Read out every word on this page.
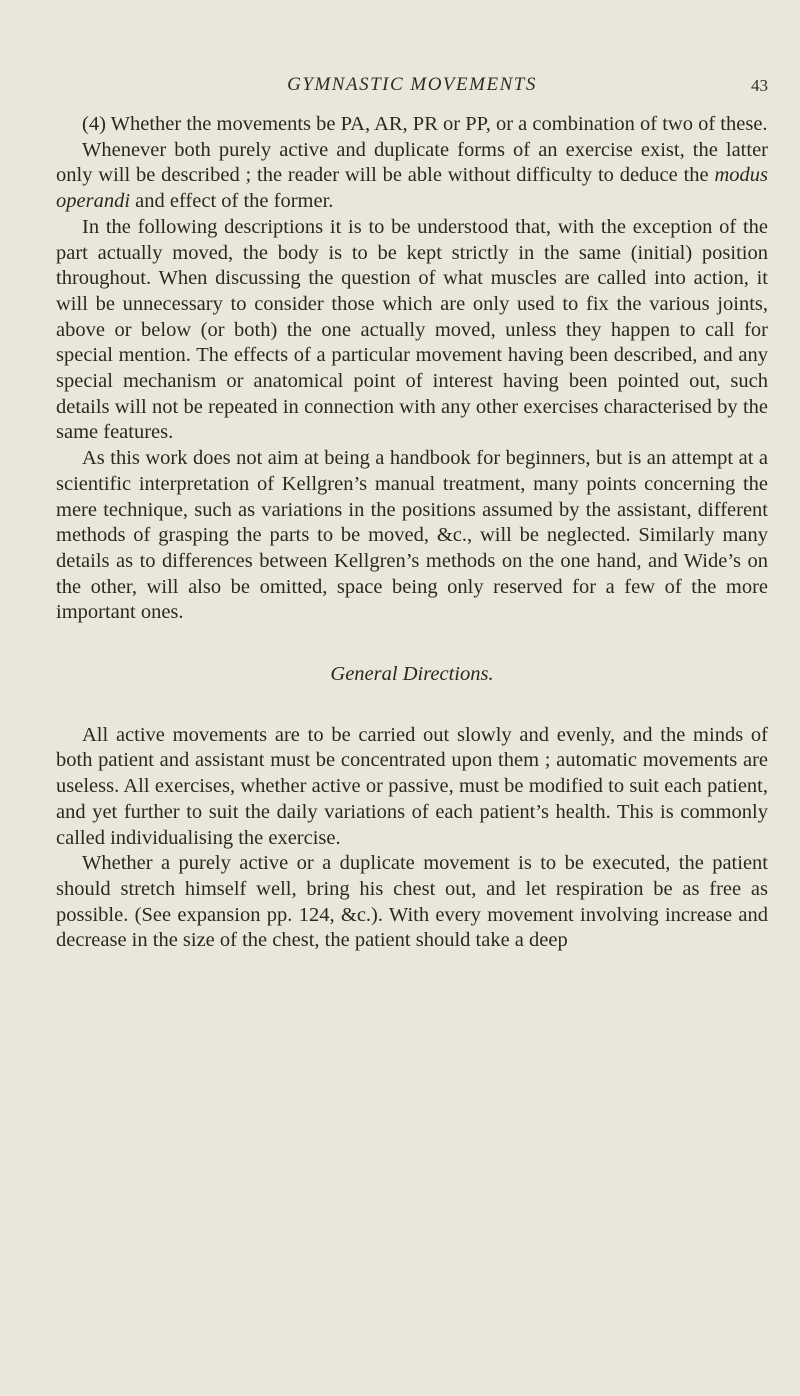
GYMNASTIC MOVEMENTS	43

(4) Whether the movements be PA, AR, PR or PP, or a combination of two of these.

Whenever both purely active and duplicate forms of an exercise exist, the latter only will be described ; the reader will be able without difficulty to deduce the modus operandi and effect of the former.

In the following descriptions it is to be understood that, with the exception of the part actually moved, the body is to be kept strictly in the same (initial) position throughout. When discussing the question of what muscles are called into action, it will be unnecessary to consider those which are only used to fix the various joints, above or below (or both) the one actually moved, unless they happen to call for special mention. The effects of a particular movement having been described, and any special mechanism or anatomical point of interest having been pointed out, such details will not be repeated in connection with any other exercises characterised by the same features.

As this work does not aim at being a handbook for beginners, but is an attempt at a scientific interpretation of Kellgren’s manual treatment, many points concerning the mere technique, such as variations in the positions assumed by the assistant, different methods of grasping the parts to be moved, &c., will be neglected. Similarly many details as to differences between Kellgren’s methods on the one hand, and Wide’s on the other, will also be omitted, space being only reserved for a few of the more important ones.

General Directions.

All active movements are to be carried out slowly and evenly, and the minds of both patient and assistant must be concentrated upon them ; automatic movements are useless. All exercises, whether active or passive, must be modified to suit each patient, and yet further to suit the daily variations of each patient’s health. This is commonly called individualising the exercise.

Whether a purely active or a duplicate movement is to be executed, the patient should stretch himself well, bring his chest out, and let respiration be as free as possible. (See expansion pp. 124, &c.). With every movement involving increase and decrease in the size of the chest, the patient should take a deep
